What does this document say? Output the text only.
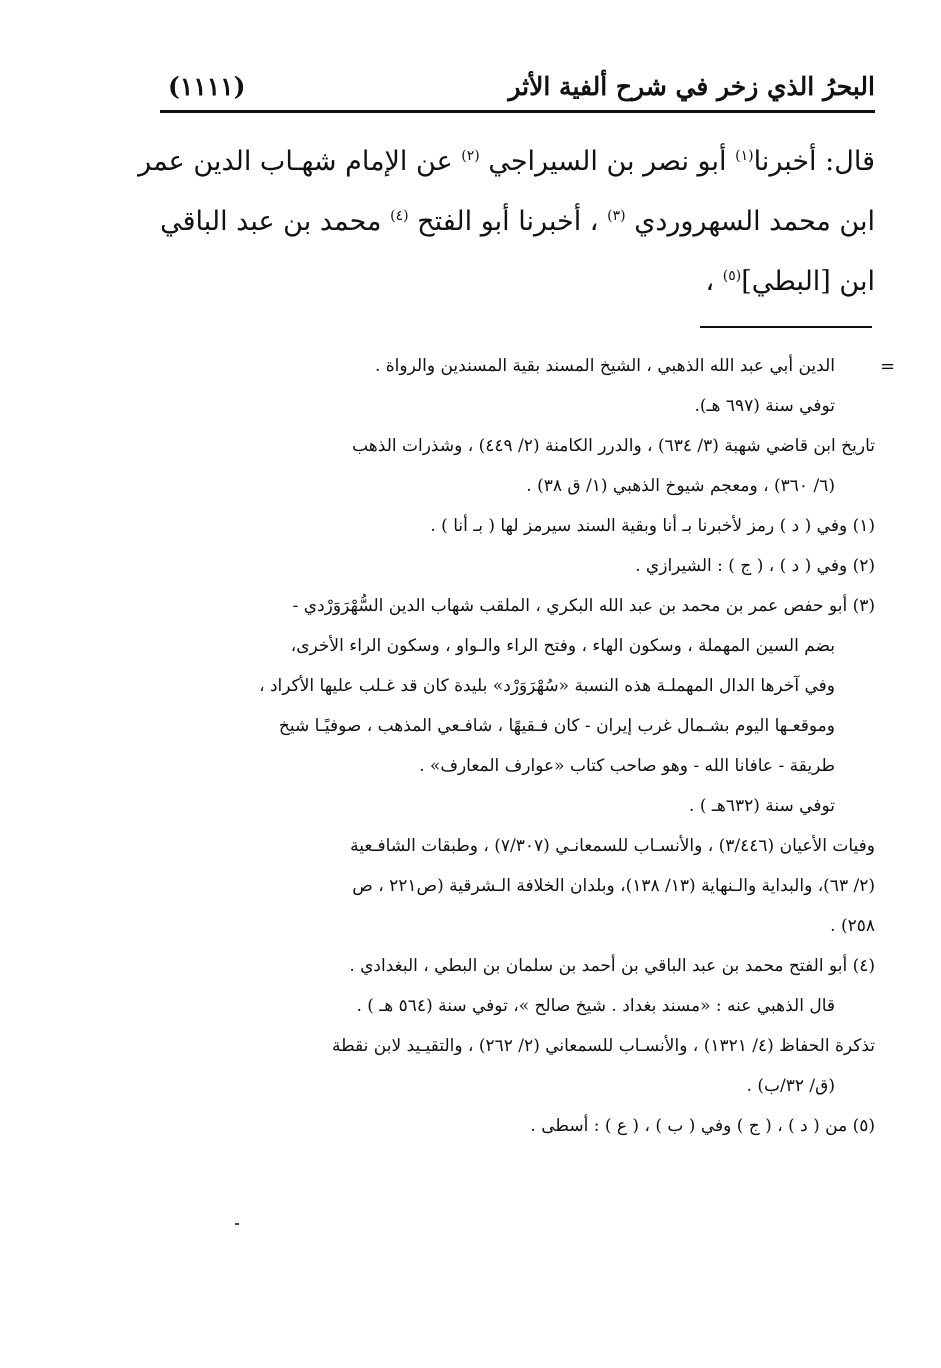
البحرُ الذي زخر في شرح ألفية الأثر
(١١١١)
قال: أخبرنا$^{(١)}$ أبو نصر بن السيراجي $^{(٢)}$ عن الإمام شهـاب الدين عمر
ابن محمد السهروردي $^{(٣)}$ ، أخبرنا أبو الفتح $^{(٤)}$ محمد بن عبد الباقي
ابن [البطي]$^{(٥)}$ ،
=
الدين أبي عبد الله الذهبي ، الشيخ المسند بقية المسندين والرواة .
توفي سنة (٦٩٧ هـ).
تاريخ ابن قاضي شهبة (٣/ ٦٣٤) ، والدرر الكامنة (٢/ ٤٤٩) ، وشذرات الذهب
(٦/ ٣٦٠) ، ومعجم شيوخ الذهبي (١/ ق ٣٨) .
(١) وفي ( د ) رمز لأخبرنا بـ أنا وبقية السند سيرمز لها ( بـ أنا ) .
(٢) وفي ( د ) ، ( ج ) : الشيرازي .
(٣) أبو حفص عمر بن محمد بن عبد الله البكري ، الملقب شهاب الدين السُّهْرَوَرْدي -
بضم السين المهملة ، وسكون الهاء ، وفتح الراء والـواو ، وسكون الراء الأخرى،
وفي آخرها الدال المهملـة هذه النسبة «سُهْرَوَرْد» بليدة كان قد غـلب عليها الأكراد ،
وموقعـها اليوم بشـمال غرب إيران - كان فـقيهًا ، شافـعي المذهب ، صوفيًـا شيخ
طريقة - عافانا الله - وهو صاحب كتاب «عوارف المعارف» .
توفي سنة (٦٣٢هـ ) .
وفيات الأعيان (٣/٤٤٦) ، والأنسـاب للسمعانـي (٧/٣٠٧) ، وطبقات الشافـعية
(٢/ ٦٣)، والبداية والـنهاية (١٣/ ١٣٨)، وبلدان الخلافة الـشرقية (ص٢٢١ ، ص
٢٥٨) .
(٤) أبو الفتح محمد بن عبد الباقي بن أحمد بن سلمان بن البطي ، البغدادي .
قال الذهبي عنه : «مسند بغداد . شيخ صالح »، توفي سنة (٥٦٤ هـ ) .
تذكرة الحفاظ (٤/ ١٣٢١) ، والأنسـاب للسمعاني (٢/ ٢٦٢) ، والتقيـيد لابن نقطة
(ق/ ٣٢/ب) .
(٥) من ( د ) ، ( ج ) وفي ( ب ) ، ( ع ) : أسطى .
